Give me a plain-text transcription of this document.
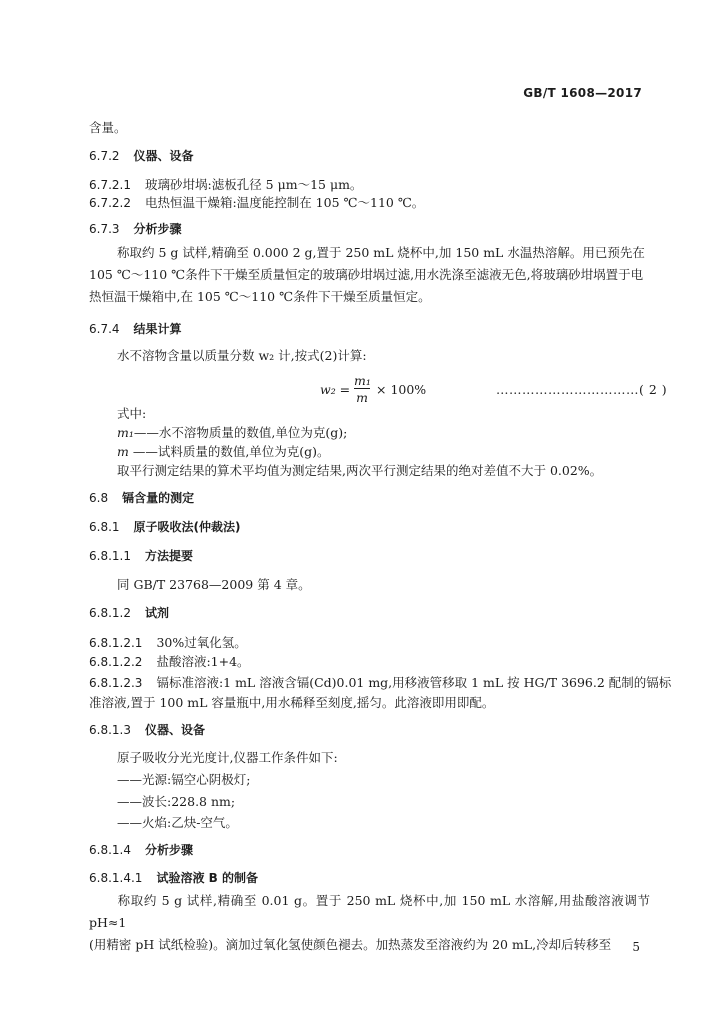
GB/T 1608—2017
含量。
6.7.2 仪器、设备
6.7.2.1 玻璃砂坩埚:滤板孔径 5 μm～15 μm。
6.7.2.2 电热恒温干燥箱:温度能控制在 105 ℃～110 ℃。
6.7.3 分析步骤
称取约 5 g 试样,精确至 0.000 2 g,置于 250 mL 烧杯中,加 150 mL 水温热溶解。用已预先在
105 ℃～110 ℃条件下干燥至质量恒定的玻璃砂坩埚过滤,用水洗涤至滤液无色,将玻璃砂坩埚置于电
热恒温干燥箱中,在 105 ℃～110 ℃条件下干燥至质量恒定。
6.7.4 结果计算
水不溶物含量以质量分数 w₂ 计,按式(2)计算:
$w_2 = \frac{\text{m₁}}{m} \times 100\%$	……………………………( 2 )
式中:
m₁——水不溶物质量的数值,单位为克(g);
m ——试料质量的数值,单位为克(g)。
取平行测定结果的算术平均值为测定结果,两次平行测定结果的绝对差值不大于 0.02%。
6.8 镉含量的测定
6.8.1 原子吸收法(仲裁法)
6.8.1.1 方法提要
同 GB/T 23768—2009 第 4 章。
6.8.1.2 试剂
6.8.1.2.1 30%过氧化氢。
6.8.1.2.2 盐酸溶液:1+4。
6.8.1.2.3 镉标准溶液:1 mL 溶液含镉(Cd)0.01 mg,用移液管移取 1 mL 按 HG/T 3696.2 配制的镉标
准溶液,置于 100 mL 容量瓶中,用水稀释至刻度,摇匀。此溶液即用即配。
6.8.1.3 仪器、设备
原子吸收分光光度计,仪器工作条件如下:
——光源:镉空心阴极灯;
——波长:228.8 nm;
——火焰:乙炔-空气。
6.8.1.4 分析步骤
6.8.1.4.1 试验溶液 B 的制备
称取约 5 g 试样,精确至 0.01 g。置于 250 mL 烧杯中,加 150 mL 水溶解,用盐酸溶液调节 pH≈1
(用精密 pH 试纸检验)。滴加过氧化氢使颜色褪去。加热蒸发至溶液约为 20 mL,冷却后转移至	5
